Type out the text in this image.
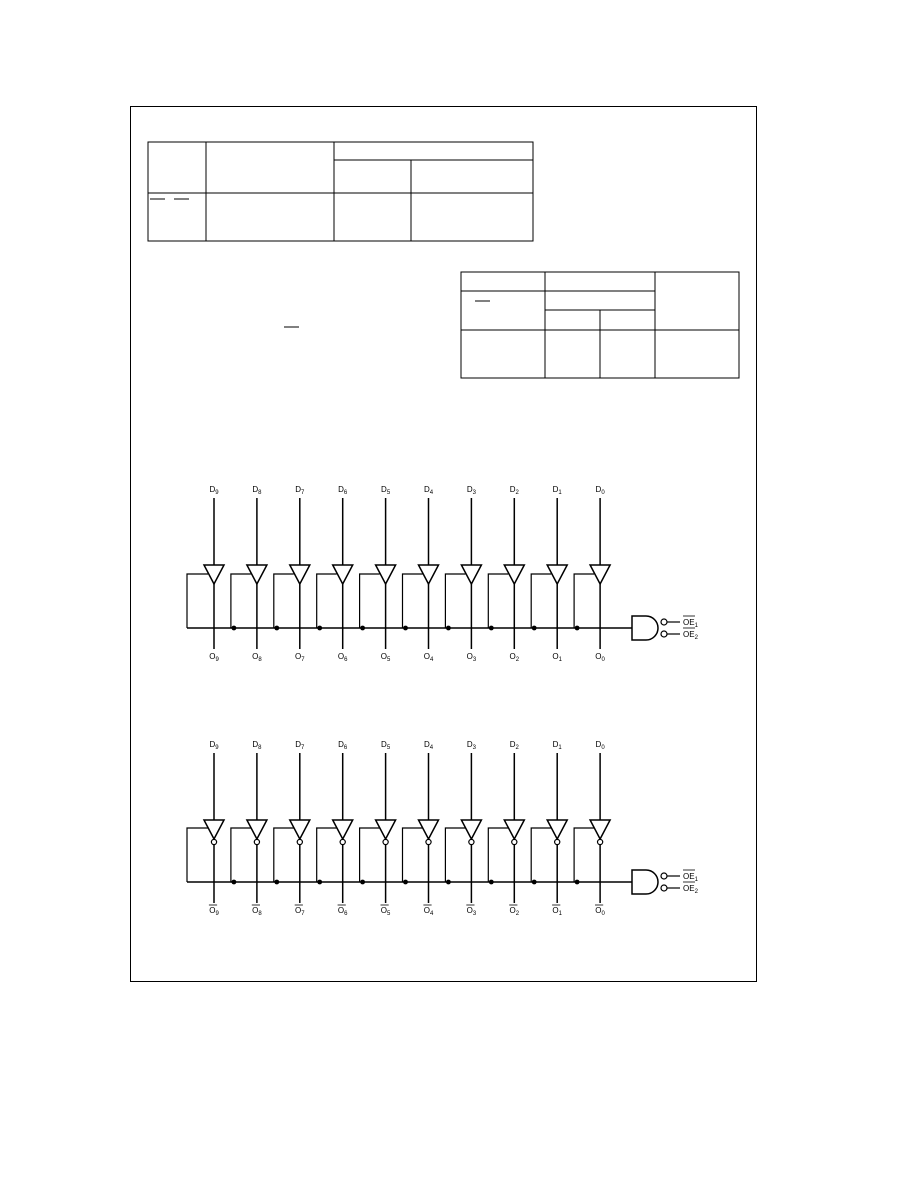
$D_9$
$O_9$
$D_8$
$O_8$
$D_7$
$O_7$
$D_6$
$O_6$
$D_5$
$O_5$
$D_4$
$O_4$
$D_3$
$O_3$
$D_2$
$O_2$
$D_1$
$O_1$
$D_0$
$O_0$
$OE_1$
$OE_2$
$D_9$
$O_9$
$D_8$
$O_8$
$D_7$
$O_7$
$D_6$
$O_6$
$D_5$
$O_5$
$D_4$
$O_4$
$D_3$
$O_3$
$D_2$
$O_2$
$D_1$
$O_1$
$D_0$
$O_0$
$OE_1$
$OE_2$
